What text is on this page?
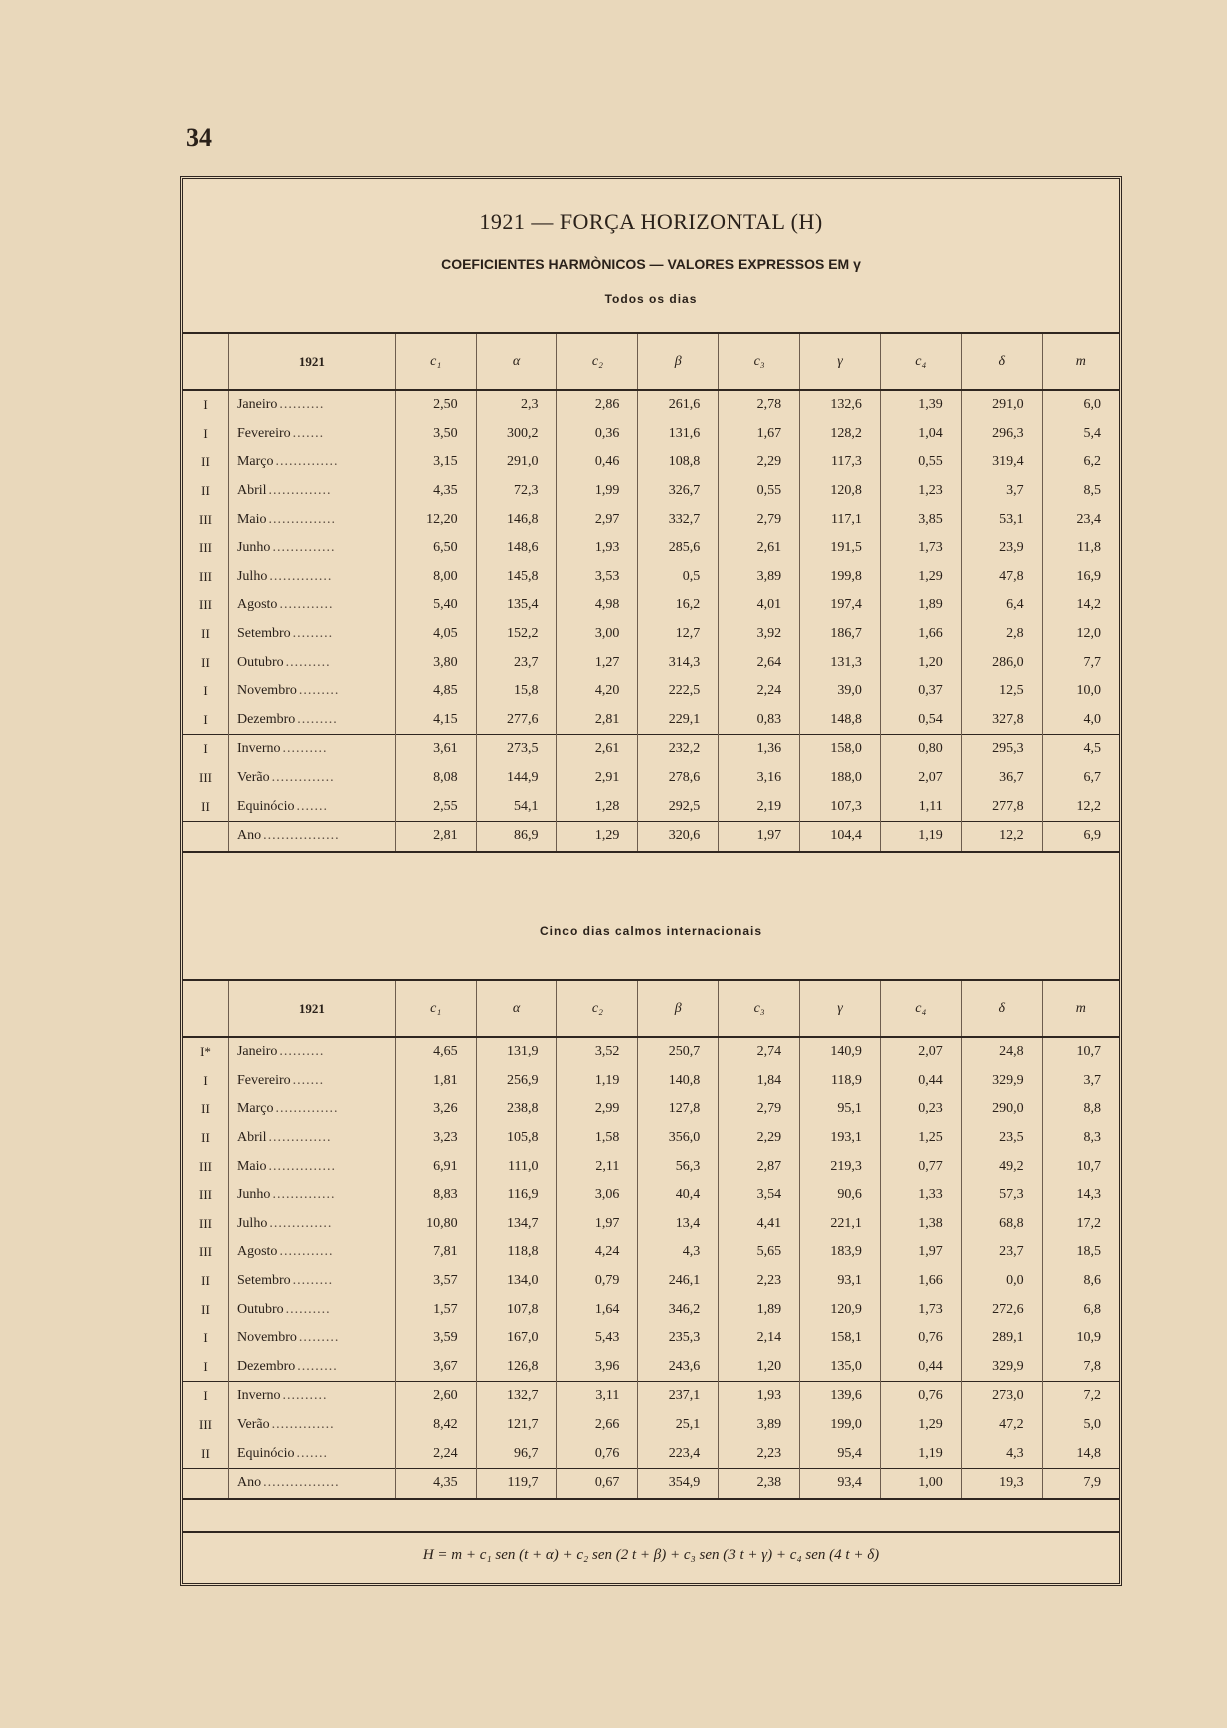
34
1921 — FORÇA HORIZONTAL (H)
COEFICIENTES HARMÒNICOS — VALORES EXPRESSOS EM γ
Todos os dias
	1921	c₁	α	c₂	β	c₃	γ	c₄	δ	m
I	Janeiro ..........	2,50	2,3	2,86	261,6	2,78	132,6	1,39	291,0	6,0
I	Fevereiro .......	3,50	300,2	0,36	131,6	1,67	128,2	1,04	296,3	5,4
II	Março ..............	3,15	291,0	0,46	108,8	2,29	117,3	0,55	319,4	6,2
II	Abril ..............	4,35	72,3	1,99	326,7	0,55	120,8	1,23	3,7	8,5
III	Maio ...............	12,20	146,8	2,97	332,7	2,79	117,1	3,85	53,1	23,4
III	Junho ..............	6,50	148,6	1,93	285,6	2,61	191,5	1,73	23,9	11,8
III	Julho ..............	8,00	145,8	3,53	0,5	3,89	199,8	1,29	47,8	16,9
III	Agosto ............	5,40	135,4	4,98	16,2	4,01	197,4	1,89	6,4	14,2
II	Setembro .........	4,05	152,2	3,00	12,7	3,92	186,7	1,66	2,8	12,0
II	Outubro ..........	3,80	23,7	1,27	314,3	2,64	131,3	1,20	286,0	7,7
I	Novembro .........	4,85	15,8	4,20	222,5	2,24	39,0	0,37	12,5	10,0
I	Dezembro .........	4,15	277,6	2,81	229,1	0,83	148,8	0,54	327,8	4,0
I	Inverno ..........	3,61	273,5	2,61	232,2	1,36	158,0	0,80	295,3	4,5
III	Verão ..............	8,08	144,9	2,91	278,6	3,16	188,0	2,07	36,7	6,7
II	Equinócio .......	2,55	54,1	1,28	292,5	2,19	107,3	1,11	277,8	12,2
	Ano .................	2,81	86,9	1,29	320,6	1,97	104,4	1,19	12,2	6,9
Cinco dias calmos internacionais
	1921	c₁	α	c₂	β	c₃	γ	c₄	δ	m
I*	Janeiro ..........	4,65	131,9	3,52	250,7	2,74	140,9	2,07	24,8	10,7
I	Fevereiro .......	1,81	256,9	1,19	140,8	1,84	118,9	0,44	329,9	3,7
II	Março ..............	3,26	238,8	2,99	127,8	2,79	95,1	0,23	290,0	8,8
II	Abril ..............	3,23	105,8	1,58	356,0	2,29	193,1	1,25	23,5	8,3
III	Maio ...............	6,91	111,0	2,11	56,3	2,87	219,3	0,77	49,2	10,7
III	Junho ..............	8,83	116,9	3,06	40,4	3,54	90,6	1,33	57,3	14,3
III	Julho ..............	10,80	134,7	1,97	13,4	4,41	221,1	1,38	68,8	17,2
III	Agosto ............	7,81	118,8	4,24	4,3	5,65	183,9	1,97	23,7	18,5
II	Setembro .........	3,57	134,0	0,79	246,1	2,23	93,1	1,66	0,0	8,6
II	Outubro ..........	1,57	107,8	1,64	346,2	1,89	120,9	1,73	272,6	6,8
I	Novembro .........	3,59	167,0	5,43	235,3	2,14	158,1	0,76	289,1	10,9
I	Dezembro .........	3,67	126,8	3,96	243,6	1,20	135,0	0,44	329,9	7,8
I	Inverno ..........	2,60	132,7	3,11	237,1	1,93	139,6	0,76	273,0	7,2
III	Verão ..............	8,42	121,7	2,66	25,1	3,89	199,0	1,29	47,2	5,0
II	Equinócio .......	2,24	96,7	0,76	223,4	2,23	95,4	1,19	4,3	14,8
	Ano .................	4,35	119,7	0,67	354,9	2,38	93,4	1,00	19,3	7,9
H = m + c₁ sen (t + α) + c₂ sen (2 t + β) + c₃ sen (3 t + γ) + c₄ sen (4 t + δ)
